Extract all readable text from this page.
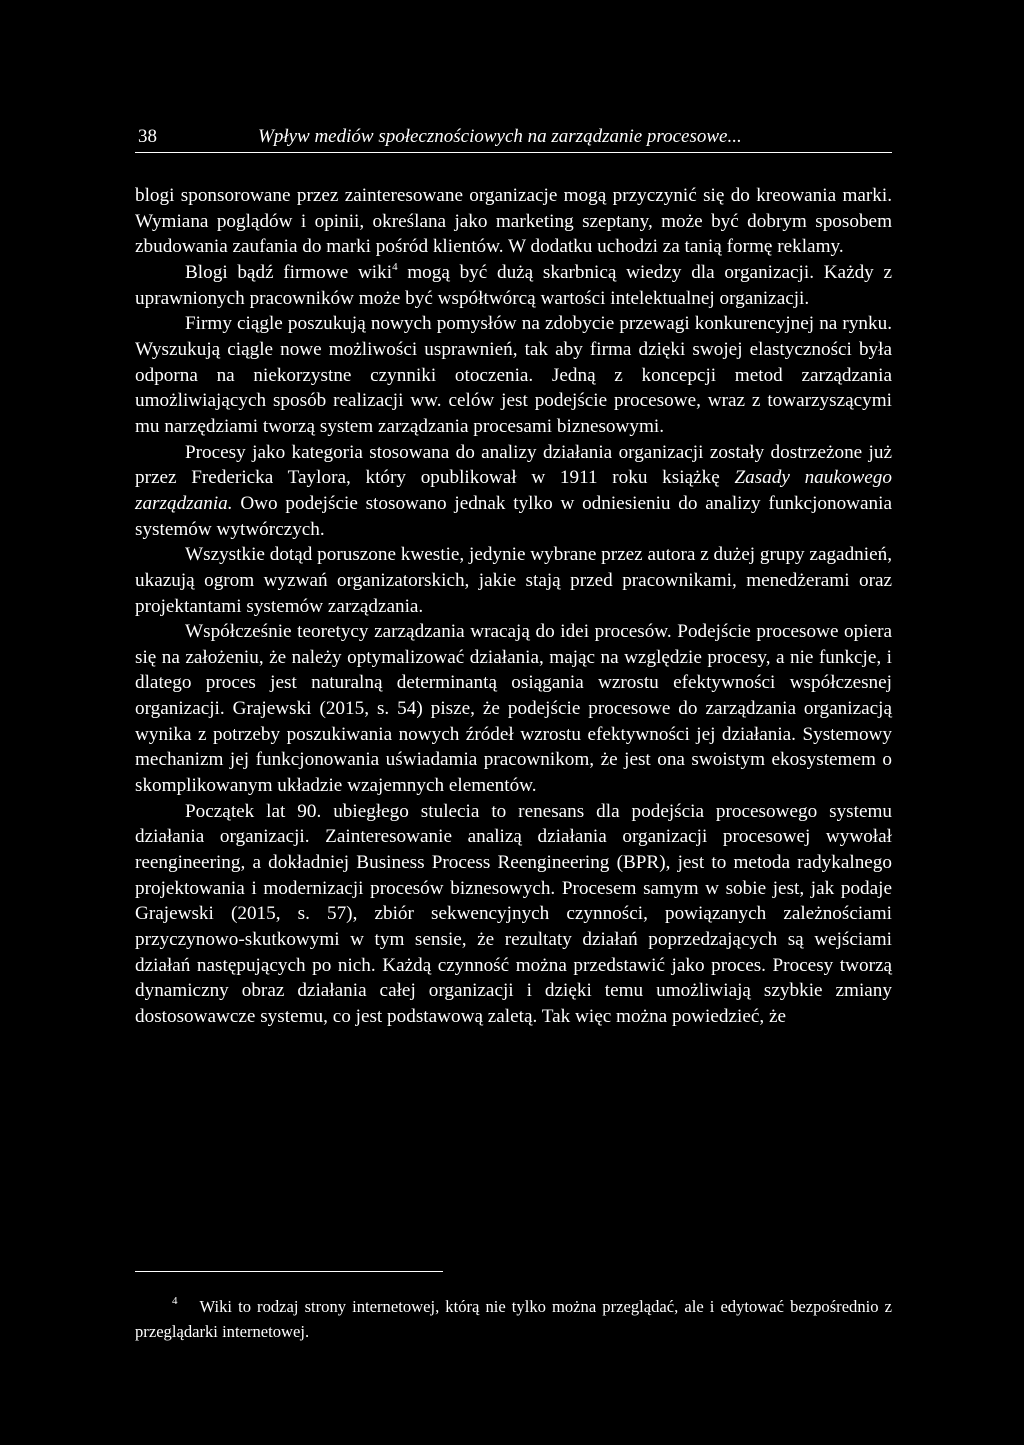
38	Wpływ mediów społecznościowych na zarządzanie procesowe...

blogi sponsorowane przez zainteresowane organizacje mogą przyczynić się do kreowania marki. Wymiana poglądów i opinii, określana jako marketing szeptany, może być dobrym sposobem zbudowania zaufania do marki pośród klientów. W dodatku uchodzi za tanią formę reklamy.

Blogi bądź firmowe wiki$^4$ mogą być dużą skarbnicą wiedzy dla organizacji. Każdy z uprawnionych pracowników może być współtwórcą wartości intelektualnej organizacji.

Firmy ciągle poszukują nowych pomysłów na zdobycie przewagi konkurencyjnej na rynku. Wyszukują ciągle nowe możliwości usprawnień, tak aby firma dzięki swojej elastyczności była odporna na niekorzystne czynniki otoczenia. Jedną z koncepcji metod zarządzania umożliwiających sposób realizacji ww. celów jest podejście procesowe, wraz z towarzyszącymi mu narzędziami tworzą system zarządzania procesami biznesowymi.

Procesy jako kategoria stosowana do analizy działania organizacji zostały dostrzeżone już przez Fredericka Taylora, który opublikował w 1911 roku książkę Zasady naukowego zarządzania. Owo podejście stosowano jednak tylko w odniesieniu do analizy funkcjonowania systemów wytwórczych.

Wszystkie dotąd poruszone kwestie, jedynie wybrane przez autora z dużej grupy zagadnień, ukazują ogrom wyzwań organizatorskich, jakie stają przed pracownikami, menedżerami oraz projektantami systemów zarządzania.

Współcześnie teoretycy zarządzania wracają do idei procesów. Podejście procesowe opiera się na założeniu, że należy optymalizować działania, mając na względzie procesy, a nie funkcje, i dlatego proces jest naturalną determinantą osiągania wzrostu efektywności współczesnej organizacji. Grajewski (2015, s. 54) pisze, że podejście procesowe do zarządzania organizacją wynika z potrzeby poszukiwania nowych źródeł wzrostu efektywności jej działania. Systemowy mechanizm jej funkcjonowania uświadamia pracownikom, że jest ona swoistym ekosystemem o skomplikowanym układzie wzajemnych elementów.

Początek lat 90. ubiegłego stulecia to renesans dla podejścia procesowego systemu działania organizacji. Zainteresowanie analizą działania organizacji procesowej wywołał reengineering, a dokładniej Business Process Reengineering (BPR), jest to metoda radykalnego projektowania i modernizacji procesów biznesowych. Procesem samym w sobie jest, jak podaje Grajewski (2015, s. 57), zbiór sekwencyjnych czynności, powiązanych zależnościami przyczynowo-skutkowymi w tym sensie, że rezultaty działań poprzedzających są wejściami działań następujących po nich. Każdą czynność można przedstawić jako proces. Procesy tworzą dynamiczny obraz działania całej organizacji i dzięki temu umożliwiają szybkie zmiany dostosowawcze systemu, co jest podstawową zaletą. Tak więc można powiedzieć, że

$^4$ Wiki to rodzaj strony internetowej, którą nie tylko można przeglądać, ale i edytować bezpośrednio z przeglądarki internetowej.
